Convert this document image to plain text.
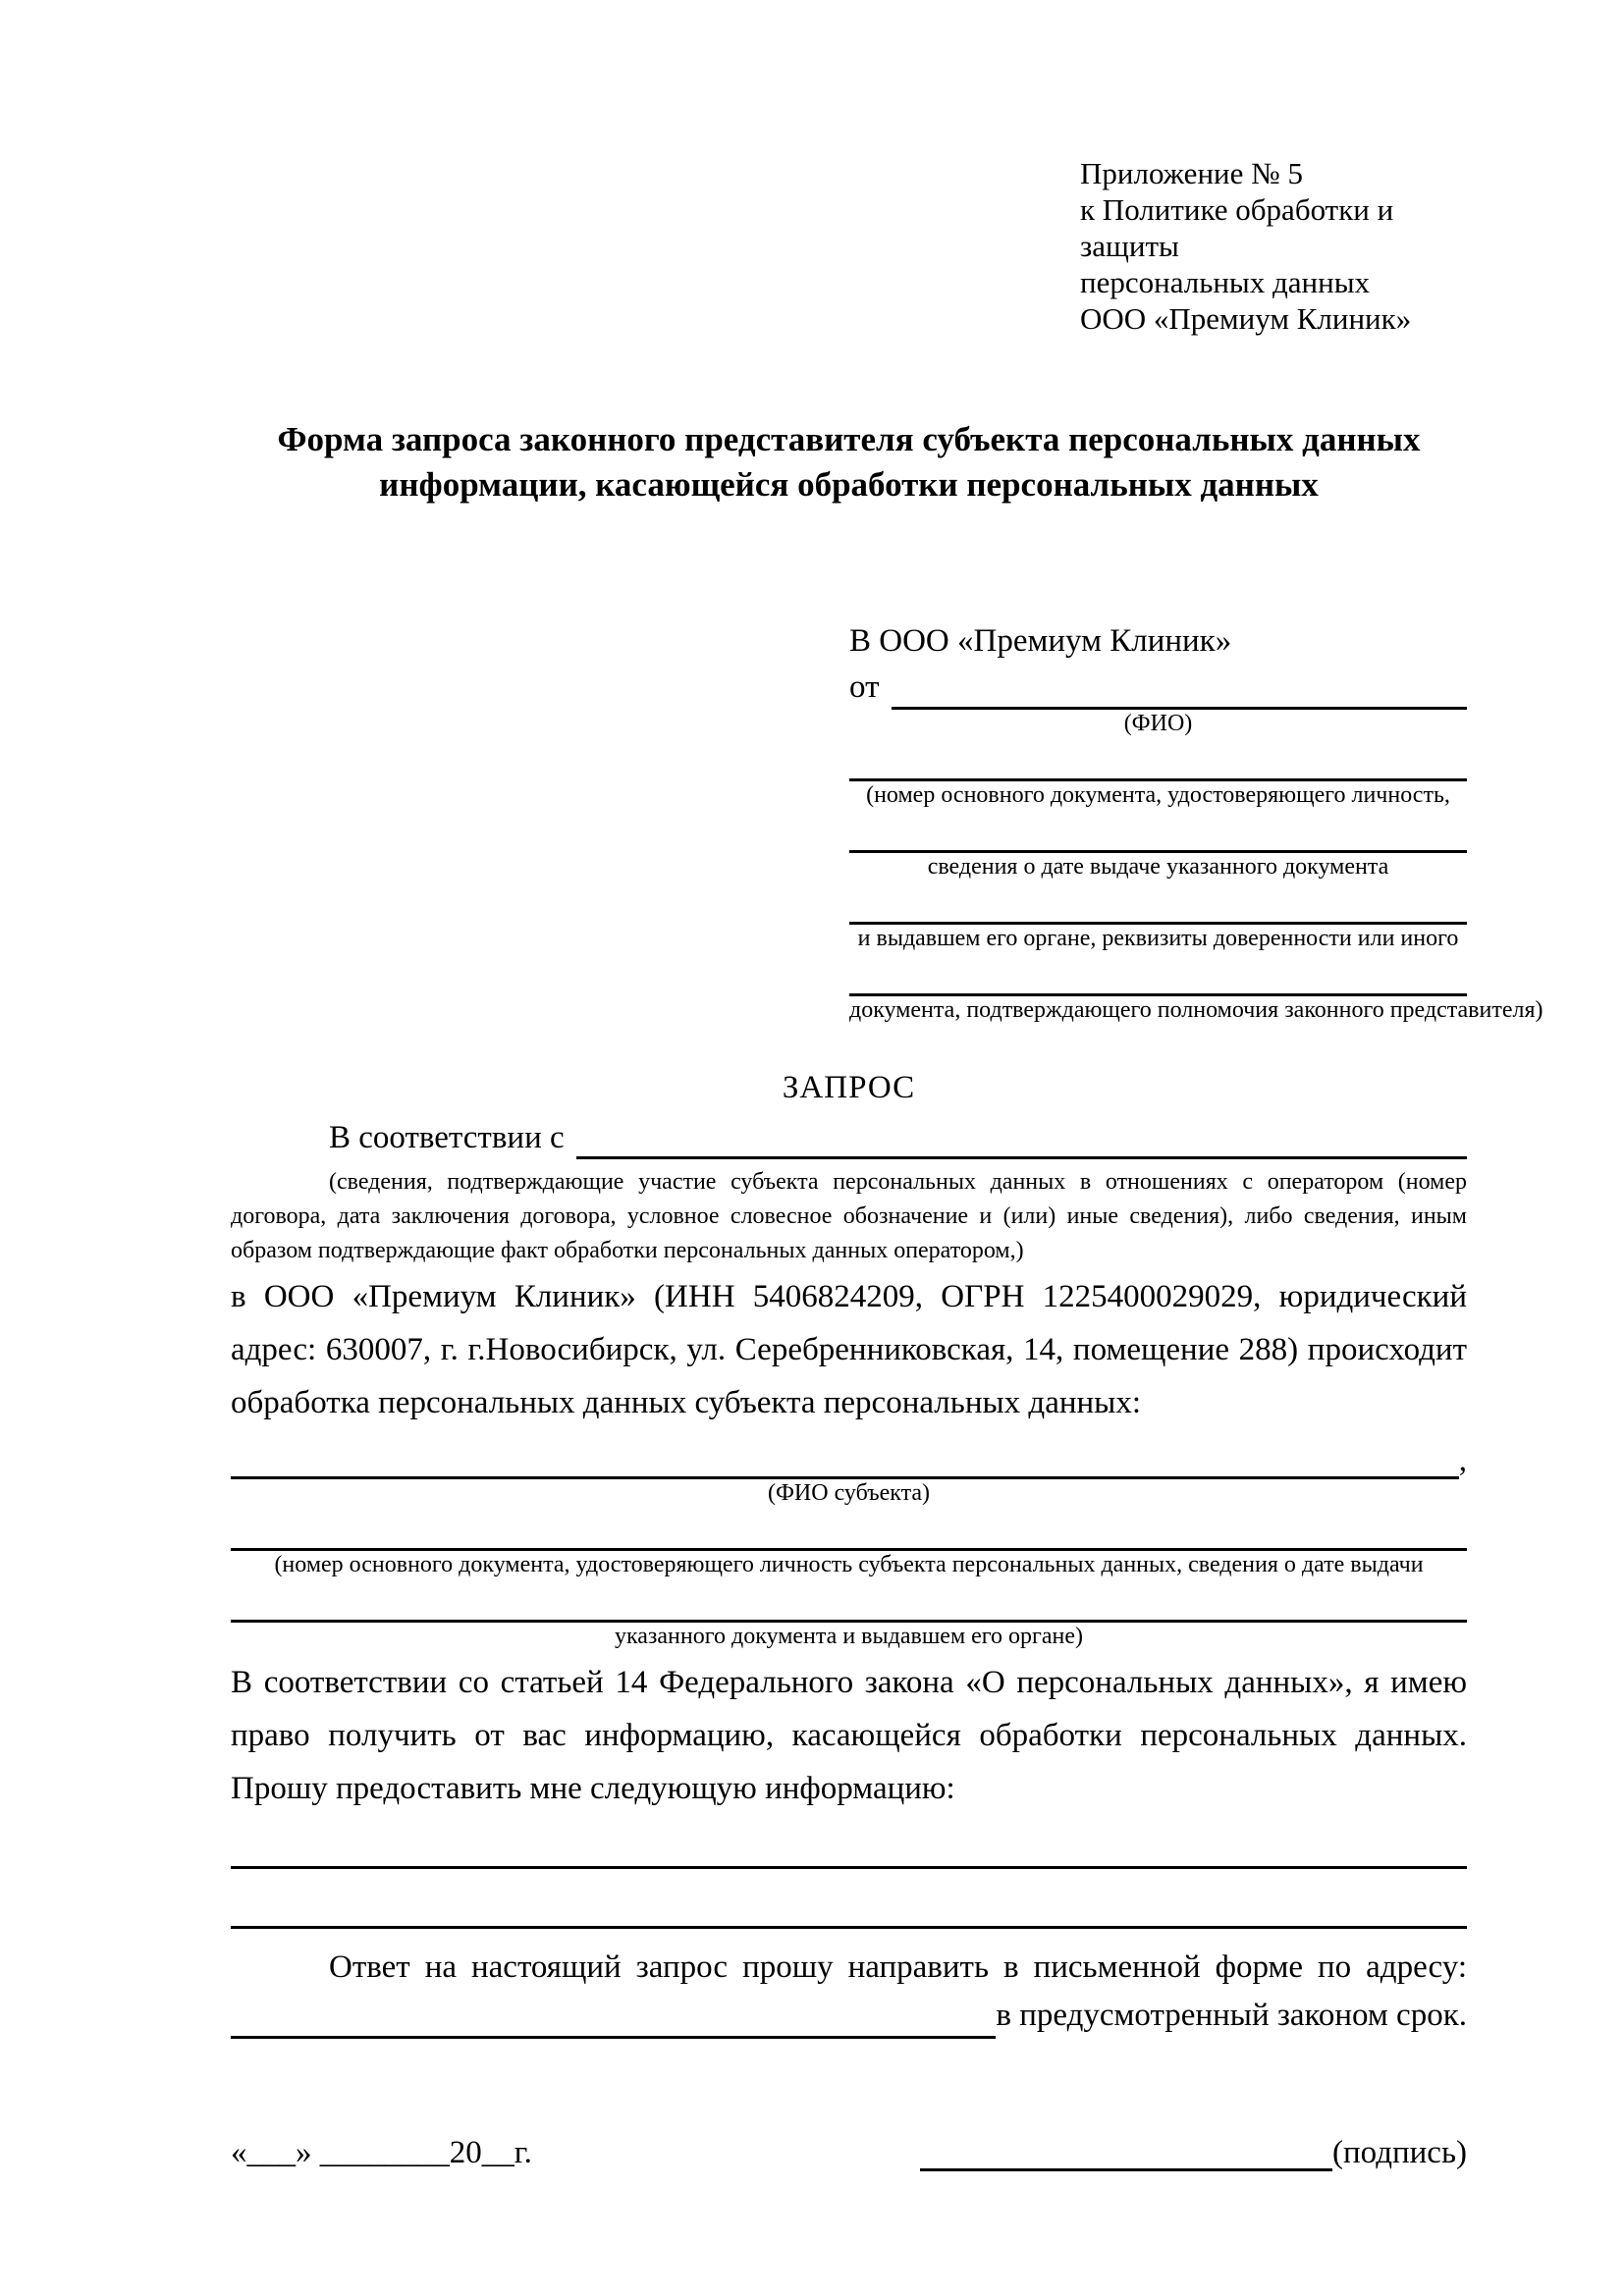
Приложение № 5
к Политике обработки и защиты
персональных данных
ООО «Премиум Клиник»
Форма запроса законного представителя субъекта персональных данных информации, касающейся обработки персональных данных
В ООО «Премиум Клиник»
от
(ФИО)
(номер основного документа, удостоверяющего личность,
сведения о дате выдаче указанного документа
и выдавшем его органе, реквизиты доверенности или иного
документа, подтверждающего полномочия законного представителя)
ЗАПРОС
В соответствии с
(сведения, подтверждающие участие субъекта персональных данных в отношениях с оператором (номер договора, дата заключения договора, условное словесное обозначение и (или) иные сведения), либо сведения, иным образом подтверждающие факт обработки персональных данных оператором,)

в ООО «Премиум Клиник» (ИНН 5406824209, ОГРН 1225400029029, юридический адрес: 630007, г. г.Новосибирск, ул. Серебренниковская, 14, помещение 288) происходит обработка персональных данных субъекта персональных данных:

,
(ФИО субъекта)
(номер основного документа, удостоверяющего личность субъекта персональных данных, сведения о дате выдачи
указанного документа и выдавшем его органе)

В соответствии со статьей 14 Федерального закона «О персональных данных», я имею право получить от вас информацию, касающейся обработки персональных данных. Прошу предоставить мне следующую информацию:

Ответ на настоящий запрос прошу направить в письменной форме по адресу:

в предусмотренный законом срок.
«___» ________20__г.	(подпись)
